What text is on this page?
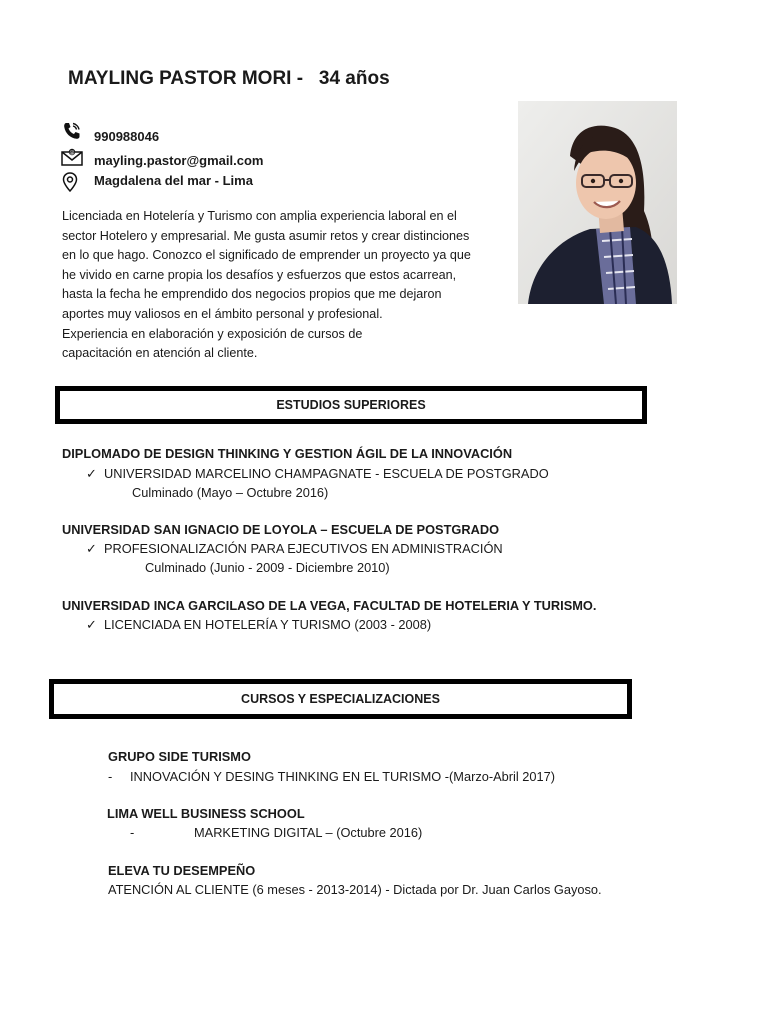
MAYLING PASTOR MORI -   34 años
990988046
@ mayling.pastor@gmail.com
Magdalena del mar - Lima
Licenciada en Hotelería y Turismo con amplia experiencia laboral en el
sector Hotelero y empresarial. Me gusta asumir retos y crear distinciones
en lo que hago. Conozco el significado de emprender un proyecto ya que
he vivido en carne propia los desafíos y esfuerzos que estos acarrean,
hasta la fecha he emprendido dos negocios propios que me dejaron
aportes muy valiosos en el ámbito personal y profesional.
Experiencia en elaboración y exposición de cursos de
capacitación en atención al cliente.
ESTUDIOS SUPERIORES
DIPLOMADO DE DESIGN THINKING Y GESTION ÁGIL DE LA INNOVACIÓN
✓ UNIVERSIDAD MARCELINO CHAMPAGNATE - ESCUELA DE POSTGRADO
Culminado (Mayo – Octubre 2016)
UNIVERSIDAD SAN IGNACIO DE LOYOLA – ESCUELA DE POSTGRADO
✓ PROFESIONALIZACIÓN PARA EJECUTIVOS EN ADMINISTRACIÓN
Culminado (Junio - 2009 - Diciembre 2010)
UNIVERSIDAD INCA GARCILASO DE LA VEGA, FACULTAD DE HOTELERIA Y TURISMO.
✓ LICENCIADA EN HOTELERÍA Y TURISMO (2003 - 2008)
CURSOS Y ESPECIALIZACIONES
GRUPO SIDE TURISMO
- INNOVACIÓN Y DESING THINKING EN EL TURISMO -(Marzo-Abril 2017)
LIMA WELL BUSINESS SCHOOL
-	MARKETING DIGITAL – (Octubre 2016)
ELEVA TU DESEMPEÑO
ATENCIÓN AL CLIENTE (6 meses - 2013-2014) - Dictada por Dr. Juan Carlos Gayoso.
